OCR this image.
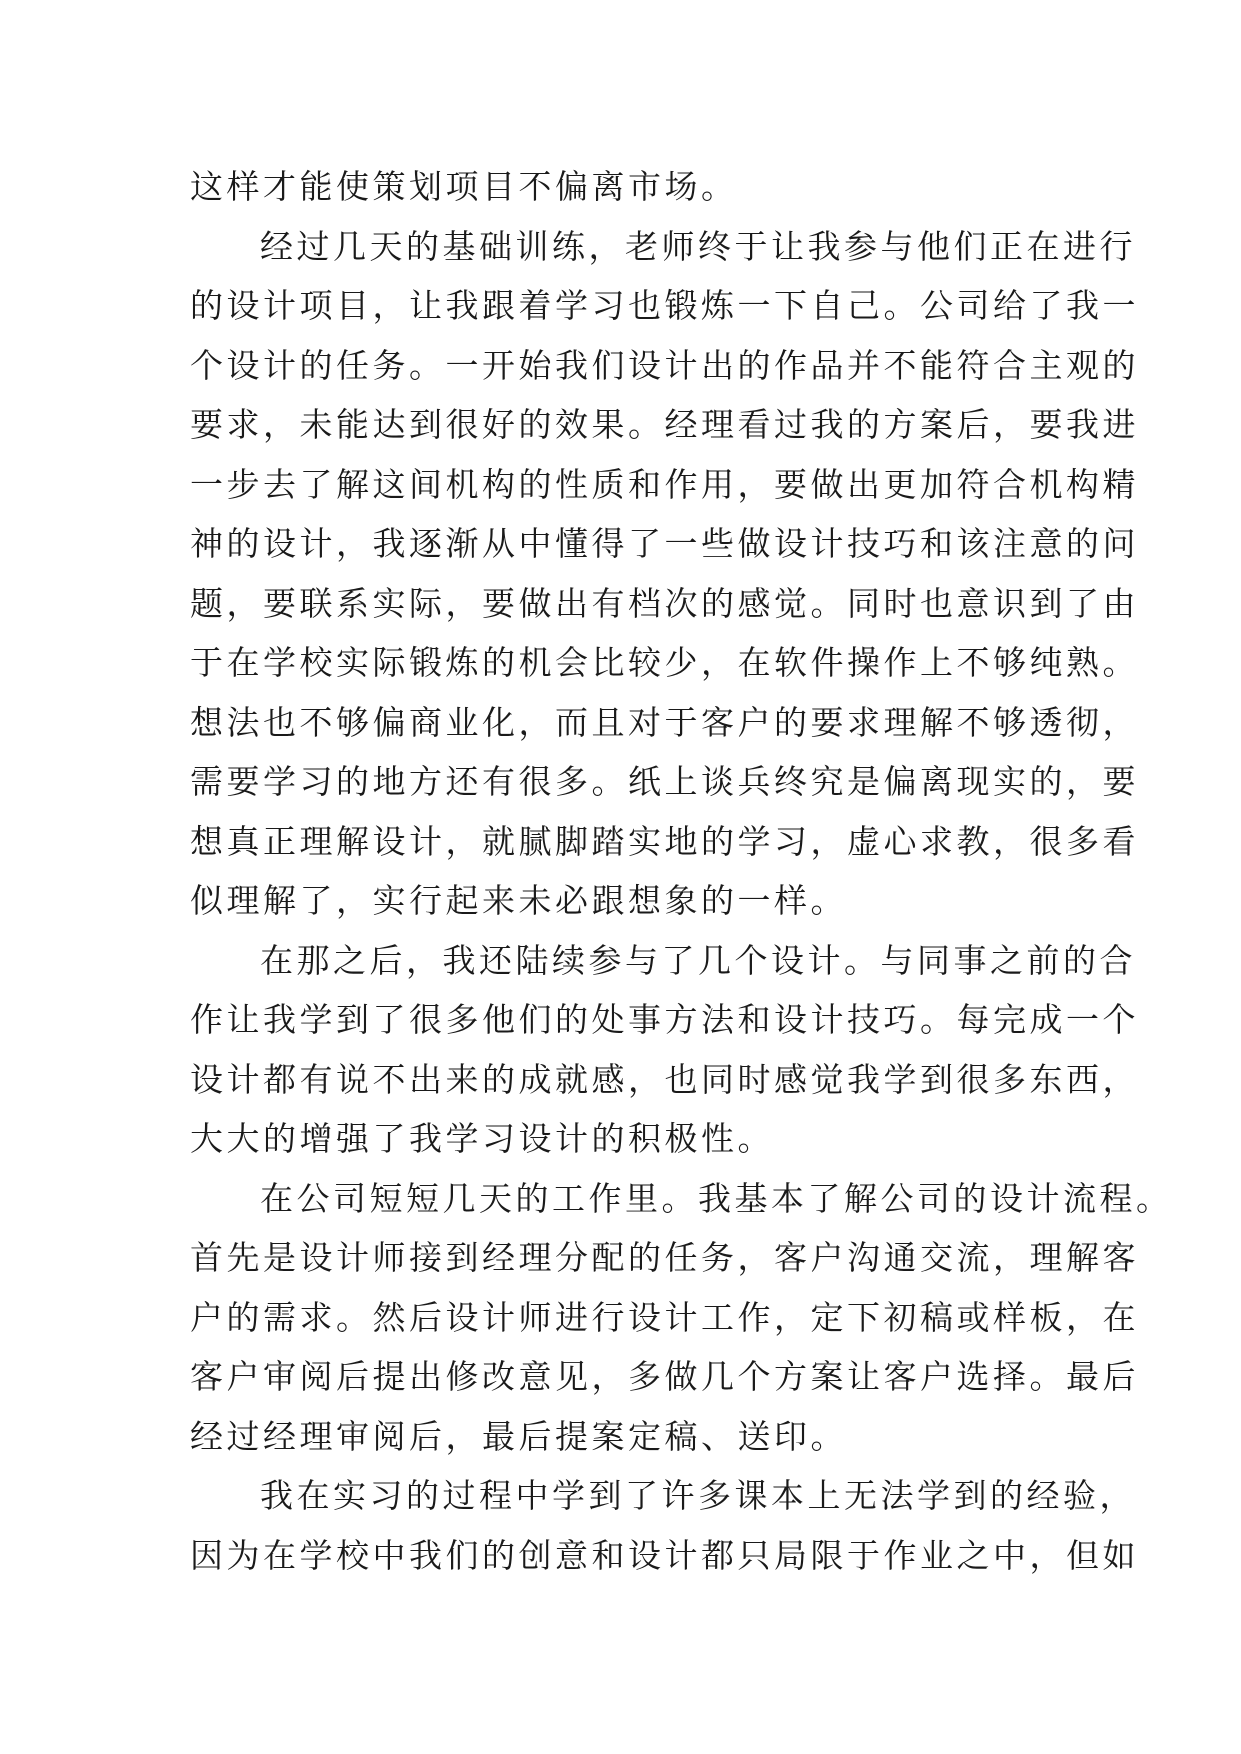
这样才能使策划项目不偏离市场。
经过几天的基础训练，老师终于让我参与他们正在进行
的设计项目，让我跟着学习也锻炼一下自己。公司给了我一
个设计的任务。一开始我们设计出的作品并不能符合主观的
要求，未能达到很好的效果。经理看过我的方案后，要我进
一步去了解这间机构的性质和作用，要做出更加符合机构精
神的设计，我逐渐从中懂得了一些做设计技巧和该注意的问
题，要联系实际，要做出有档次的感觉。同时也意识到了由
于在学校实际锻炼的机会比较少，在软件操作上不够纯熟。
想法也不够偏商业化，而且对于客户的要求理解不够透彻，
需要学习的地方还有很多。纸上谈兵终究是偏离现实的，要
想真正理解设计，就腻脚踏实地的学习，虚心求教，很多看
似理解了，实行起来未必跟想象的一样。
在那之后，我还陆续参与了几个设计。与同事之前的合
作让我学到了很多他们的处事方法和设计技巧。每完成一个
设计都有说不出来的成就感，也同时感觉我学到很多东西，
大大的增强了我学习设计的积极性。
在公司短短几天的工作里。我基本了解公司的设计流程。
首先是设计师接到经理分配的任务，客户沟通交流，理解客
户的需求。然后设计师进行设计工作，定下初稿或样板，在
客户审阅后提出修改意见，多做几个方案让客户选择。最后
经过经理审阅后，最后提案定稿、送印。
我在实习的过程中学到了许多课本上无法学到的经验，
因为在学校中我们的创意和设计都只局限于作业之中，但如
